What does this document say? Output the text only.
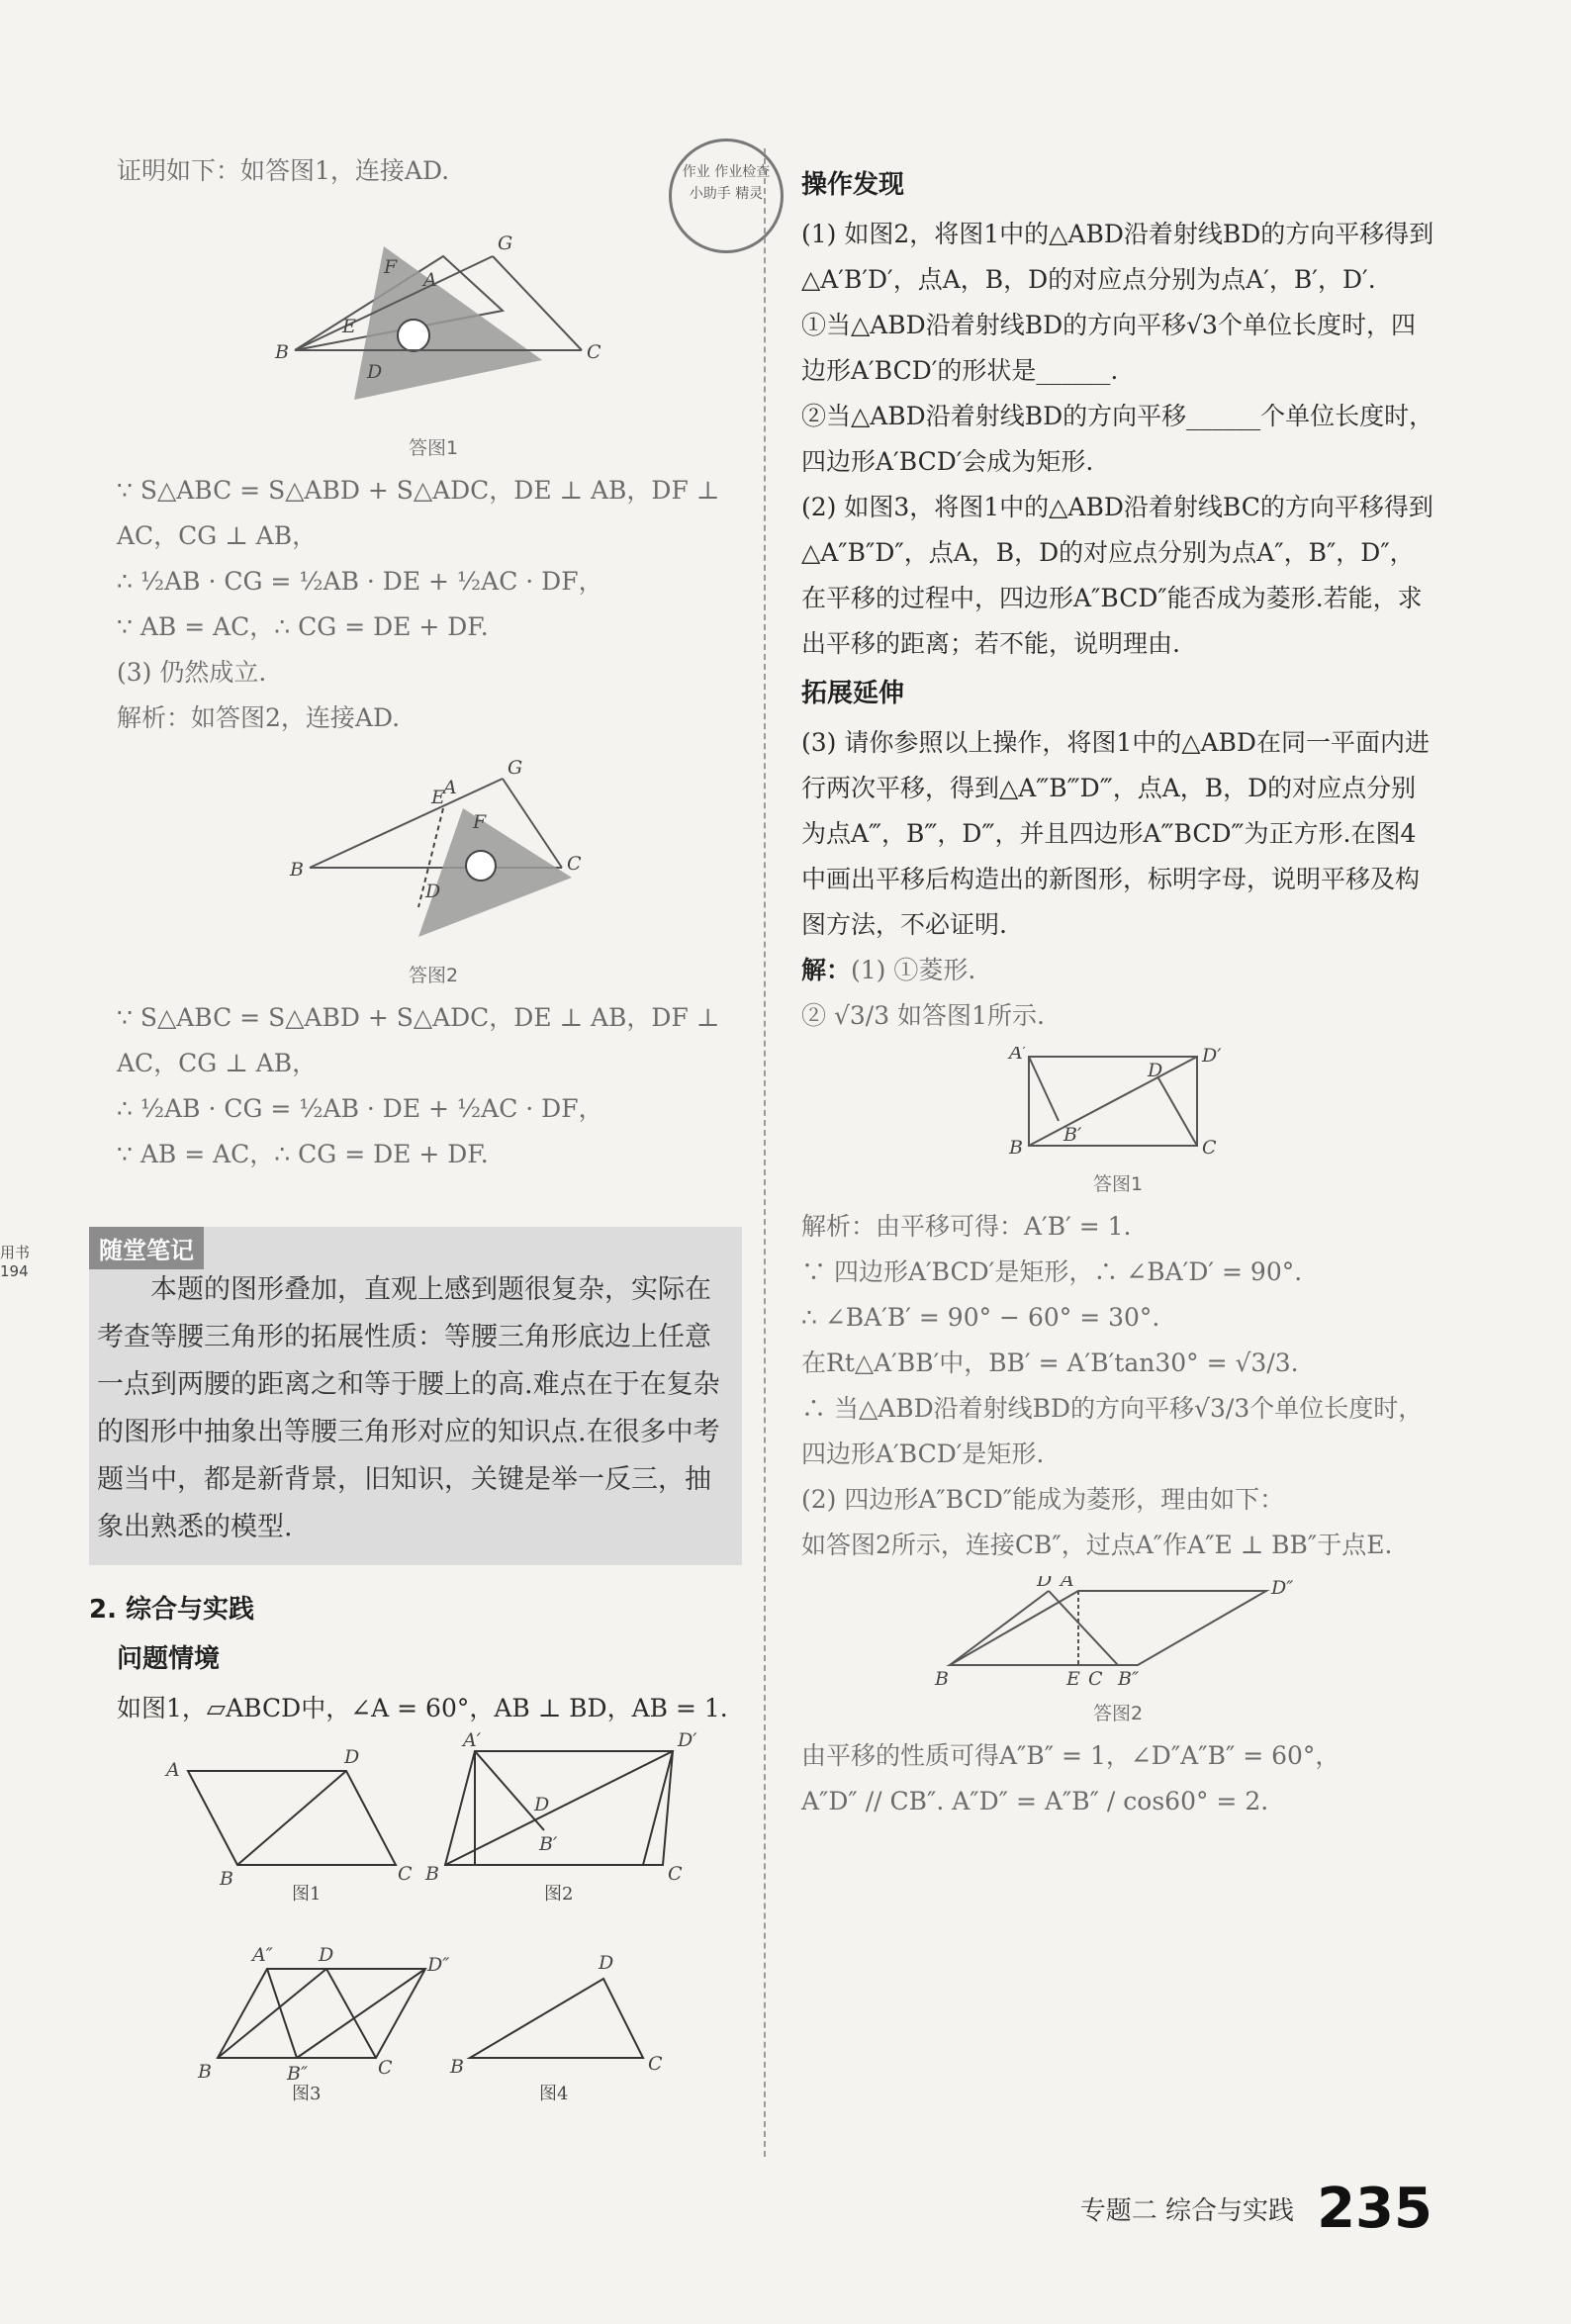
作业 作业检查小助手 精灵
用书 194

证明如下：如答图1，连接AD.

B	C
G
A
F
E
D
答图1

∵ S△ABC = S△ABD + S△ADC，DE ⊥ AB，DF ⊥ AC，CG ⊥ AB，

∴ ½AB · CG = ½AB · DE + ½AC · DF，

∵ AB = AC，∴ CG = DE + DF.

(3) 仍然成立.

解析：如答图2，连接AD.

B	C
G
E
A
F
D
答图2

∵ S△ABC = S△ABD + S△ADC，DE ⊥ AB，DF ⊥ AC，CG ⊥ AB，

∴ ½AB · CG = ½AB · DE + ½AC · DF，

∵ AB = AC，∴ CG = DE + DF.

随堂笔记
本题的图形叠加，直观上感到题很复杂，实际在考查等腰三角形的拓展性质：等腰三角形底边上任意一点到两腰的距离之和等于腰上的高.难点在于在复杂的图形中抽象出等腰三角形对应的知识点.在很多中考题当中，都是新背景，旧知识，关键是举一反三，抽象出熟悉的模型.
2. 综合与实践
问题情境

如图1，▱ABCD中，∠A = 60°，AB ⊥ BD，AB = 1.

A
D
B	C
A′	D′
B	C
D
B′
A″ D	D″
B	B″	C
D
B	C
图1	图2
图3	图4
操作发现

(1) 如图2，将图1中的△ABD沿着射线BD的方向平移得到△A′B′D′，点A，B，D的对应点分别为点A′，B′，D′.

①当△ABD沿着射线BD的方向平移√3个单位长度时，四边形A′BCD′的形状是______.

②当△ABD沿着射线BD的方向平移______个单位长度时，四边形A′BCD′会成为矩形.

(2) 如图3，将图1中的△ABD沿着射线BC的方向平移得到△A″B″D″，点A，B，D的对应点分别为点A″，B″，D″，在平移的过程中，四边形A″BCD″能否成为菱形.若能，求出平移的距离；若不能，说明理由.

拓展延伸

(3) 请你参照以上操作，将图1中的△ABD在同一平面内进行两次平移，得到△A‴B‴D‴，点A，B，D的对应点分别为点A‴，B‴，D‴，并且四边形A‴BCD‴为正方形.在图4中画出平移后构造出的新图形，标明字母，说明平移及构图方法，不必证明.

解：(1) ①菱形.

② √3/3 如答图1所示.

A′	D′
B	C
D
B′
答图1

解析：由平移可得：A′B′ = 1.

∵ 四边形A′BCD′是矩形，∴ ∠BA′D′ = 90°.

∴ ∠BA′B′ = 90° − 60° = 30°.

在Rt△A′BB′中，BB′ = A′B′tan30° = √3/3.

∴ 当△ABD沿着射线BD的方向平移√3/3个单位长度时，四边形A′BCD′是矩形.

(2) 四边形A″BCD″能成为菱形，理由如下：

如答图2所示，连接CB″，过点A″作A″E ⊥ BB″于点E.

D A″	D″
B	E C B″
答图2

由平移的性质可得A″B″ = 1，∠D″A″B″ = 60°，

A″D″ // CB″. A″D″ = A″B″ / cos60° = 2.

专题二 综合与实践 235
